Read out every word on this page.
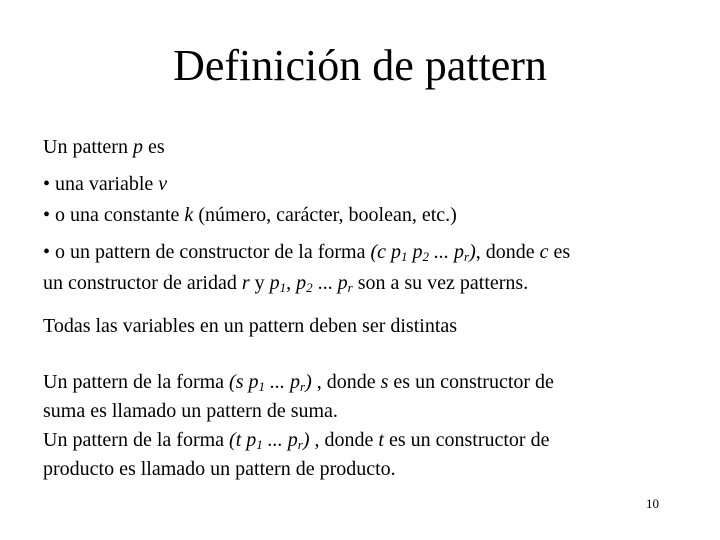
Definición de pattern
Un pattern p es
• una variable v
• o una constante k (número, carácter, boolean, etc.)
• o un pattern de constructor de la forma (c $p_1$ $p_2$ ... $p_r$), donde c es
un constructor de aridad r y $p_1$, $p_2$ ... $p_r$ son a su vez patterns.
Todas las variables en un pattern deben ser distintas
Un pattern de la forma (s $p_1$ ... $p_r$) , donde s es un constructor de
suma es llamado un pattern de suma.
Un pattern de la forma (t $p_1$ ... $p_r$) , donde t es un constructor de
producto es llamado un pattern de producto.
10
